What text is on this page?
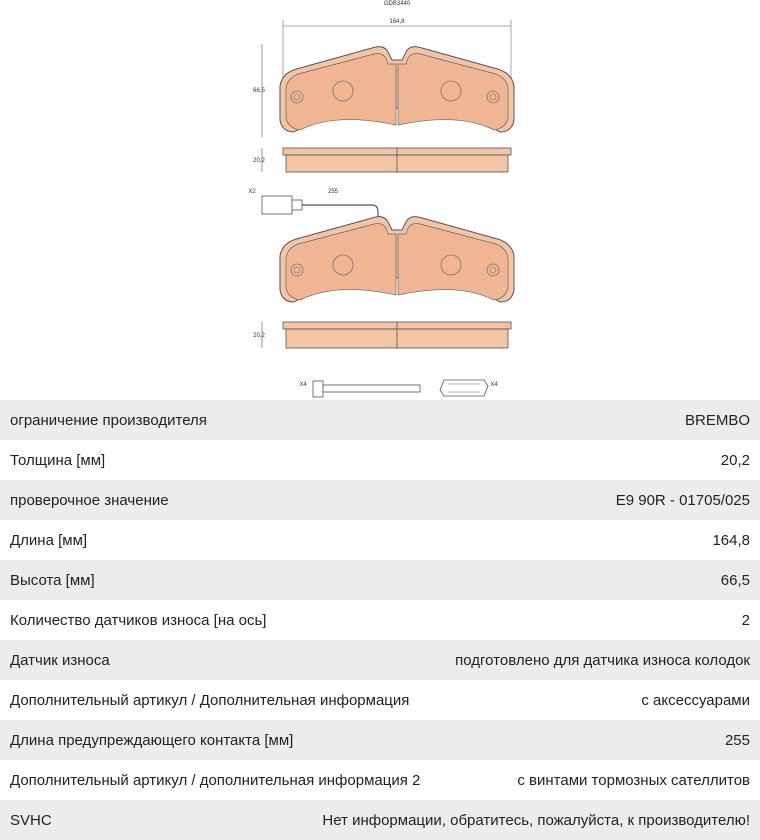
GDB3440
164,8
66,5
20,2
X2	255
20,2
X4	X4
ограничение производителя	BREMBO
Толщина [мм]	20,2
проверочное значение	E9 90R - 01705/025
Длина [мм]	164,8
Высота [мм]	66,5
Количество датчиков износа [на ось]	2
Датчик износа	подготовлено для датчика износа колодок
Дополнительный артикул / Дополнительная информация	с аксессуарами
Длина предупреждающего контакта [мм]	255
Дополнительный артикул / дополнительная информация 2	с винтами тормозных сателлитов
SVHC	Нет информации, обратитесь, пожалуйста, к производителю!
